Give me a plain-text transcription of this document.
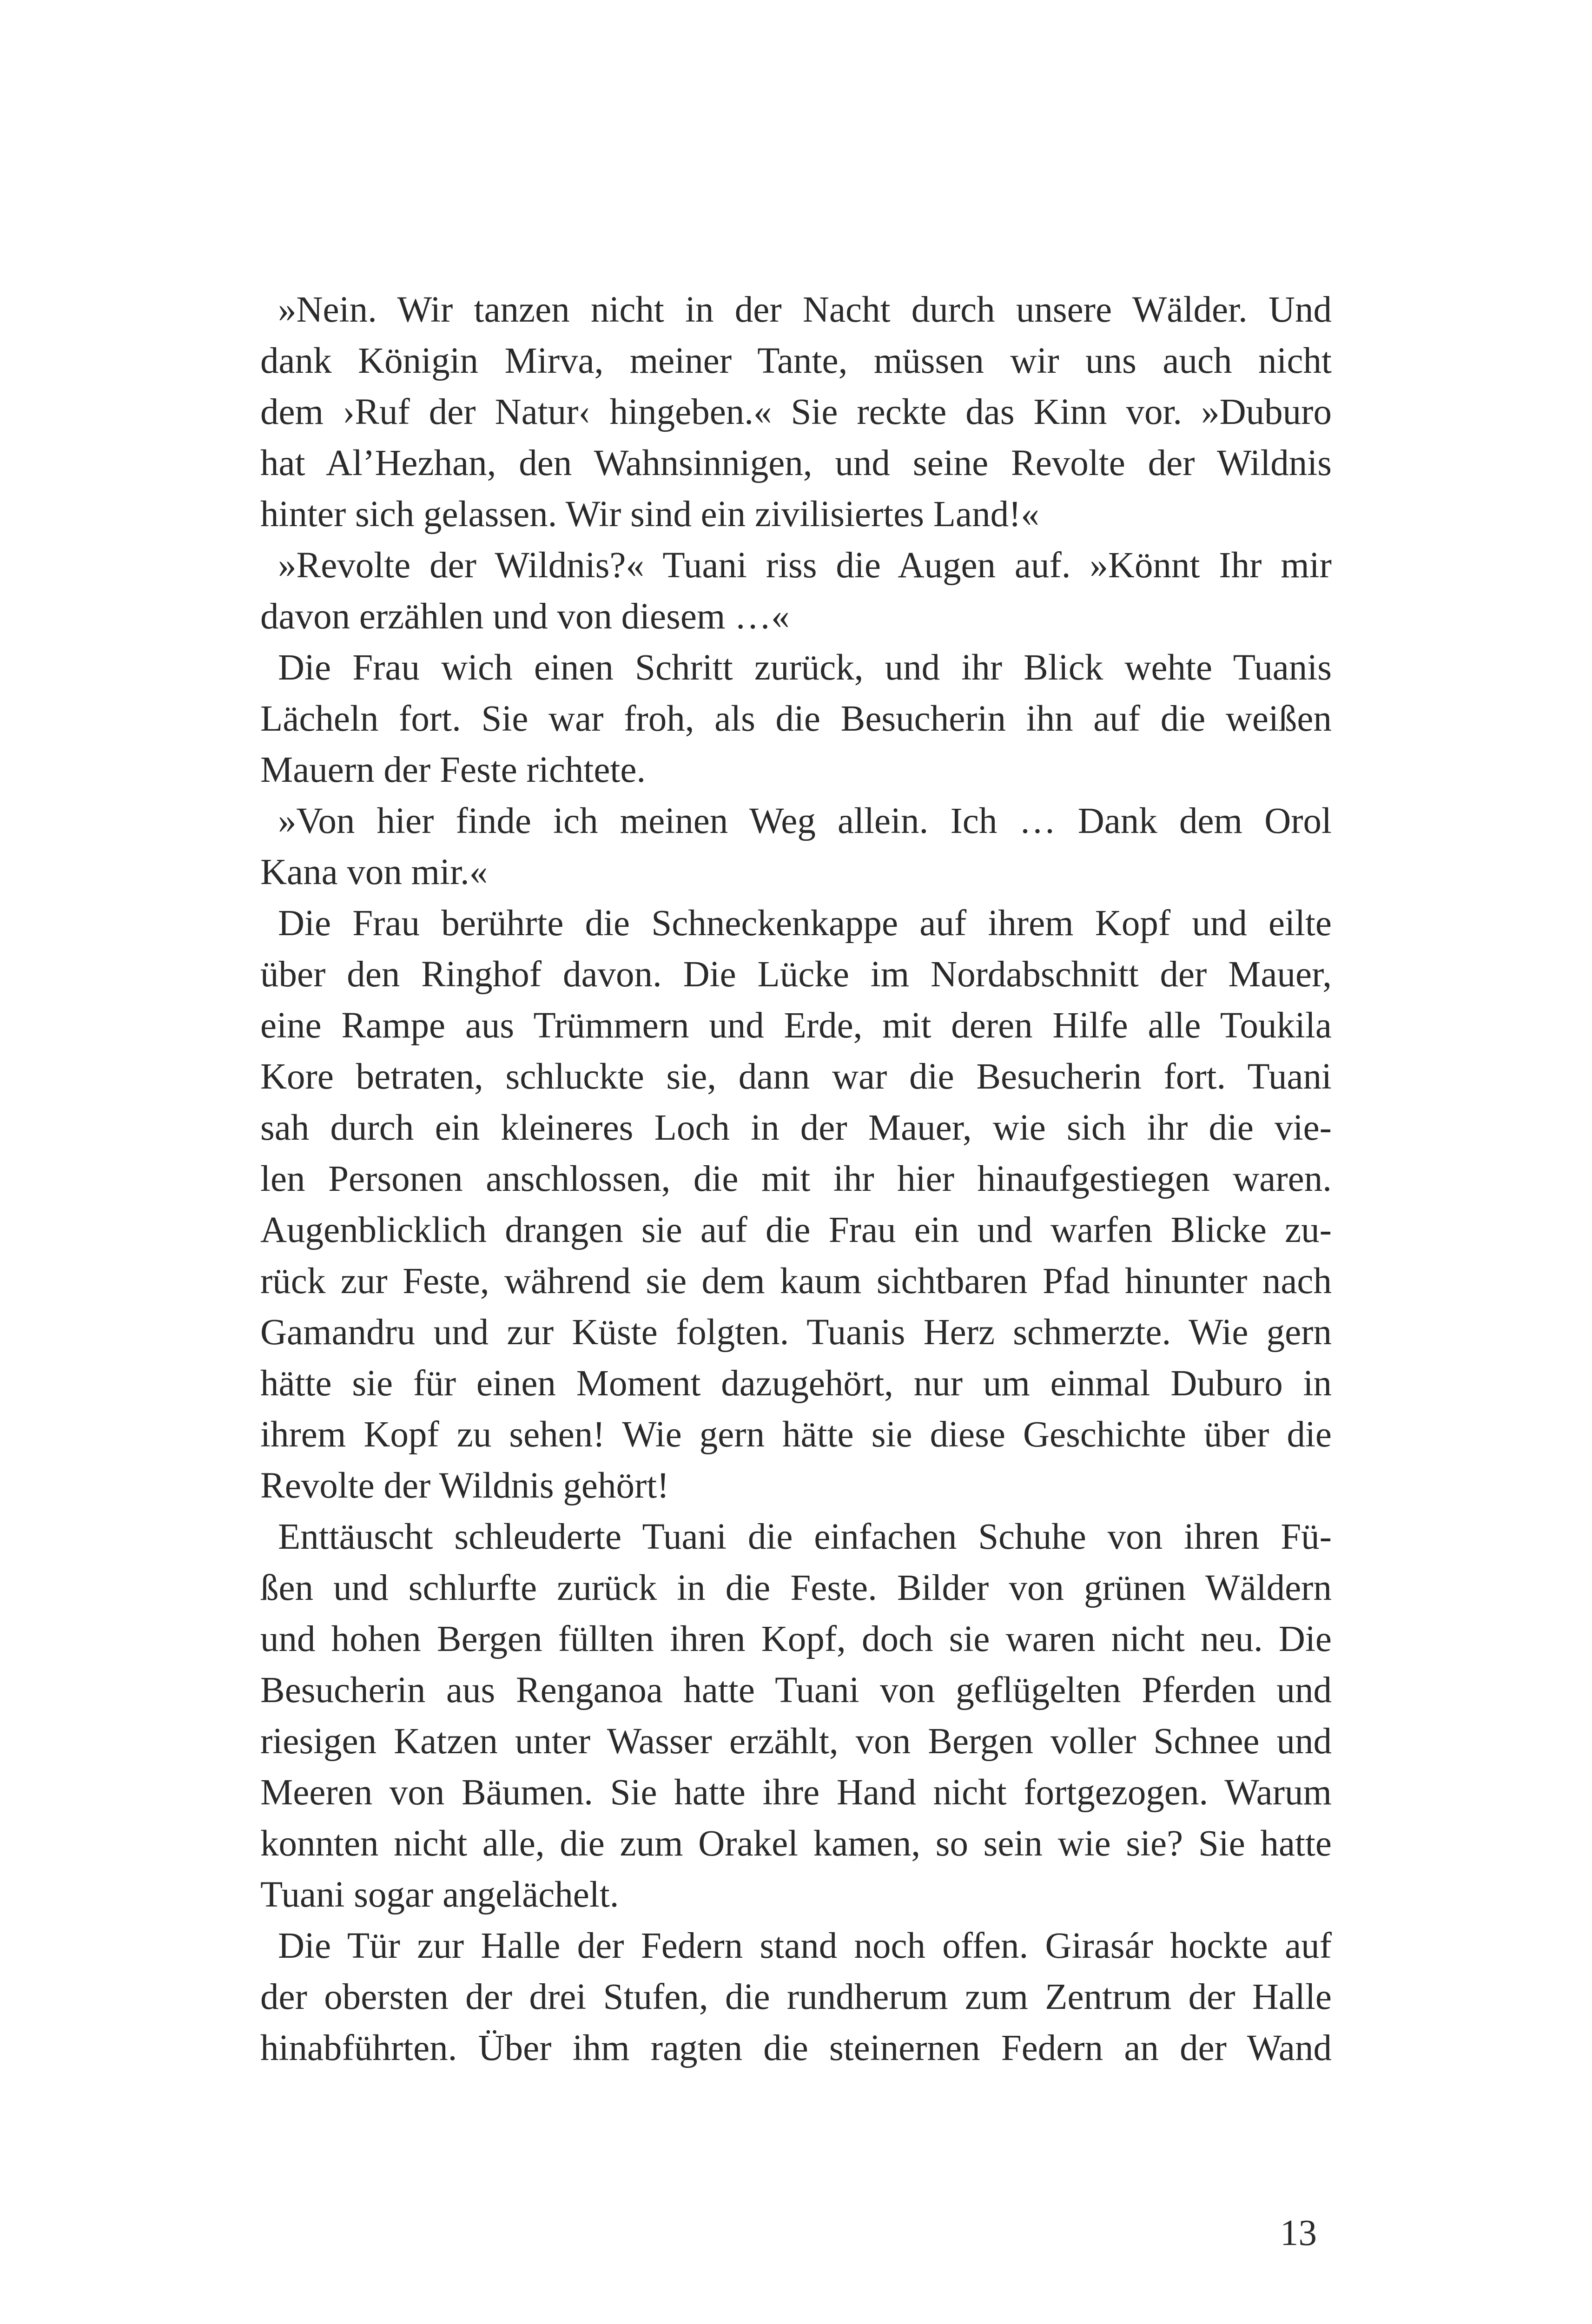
»Nein. Wir tanzen nicht in der Nacht durch unsere Wälder. Und
dank Königin Mirva, meiner Tante, müssen wir uns auch nicht
dem ›Ruf der Natur‹ hingeben.« Sie reckte das Kinn vor. »Duburo
hat Al’Hezhan, den Wahnsinnigen, und seine Revolte der Wildnis
hinter sich gelassen. Wir sind ein zivilisiertes Land!«
»Revolte der Wildnis?« Tuani riss die Augen auf. »Könnt Ihr mir
davon erzählen und von diesem …«
Die Frau wich einen Schritt zurück, und ihr Blick wehte Tuanis
Lächeln fort. Sie war froh, als die Besucherin ihn auf die weißen
Mauern der Feste richtete.
»Von hier finde ich meinen Weg allein. Ich … Dank dem Orol
Kana von mir.«
Die Frau berührte die Schneckenkappe auf ihrem Kopf und eilte
über den Ringhof davon. Die Lücke im Nordabschnitt der Mauer,
eine Rampe aus Trümmern und Erde, mit deren Hilfe alle Toukila
Kore betraten, schluckte sie, dann war die Besucherin fort. Tuani
sah durch ein kleineres Loch in der Mauer, wie sich ihr die vie-
len Personen anschlossen, die mit ihr hier hinaufgestiegen waren.
Augenblicklich drangen sie auf die Frau ein und warfen Blicke zu-
rück zur Feste, während sie dem kaum sichtbaren Pfad hinunter nach
Gamandru und zur Küste folgten. Tuanis Herz schmerzte. Wie gern
hätte sie für einen Moment dazugehört, nur um einmal Duburo in
ihrem Kopf zu sehen! Wie gern hätte sie diese Geschichte über die
Revolte der Wildnis gehört!
Enttäuscht schleuderte Tuani die einfachen Schuhe von ihren Fü-
ßen und schlurfte zurück in die Feste. Bilder von grünen Wäldern
und hohen Bergen füllten ihren Kopf, doch sie waren nicht neu. Die
Besucherin aus Renganoa hatte Tuani von geflügelten Pferden und
riesigen Katzen unter Wasser erzählt, von Bergen voller Schnee und
Meeren von Bäumen. Sie hatte ihre Hand nicht fortgezogen. Warum
konnten nicht alle, die zum Orakel kamen, so sein wie sie? Sie hatte
Tuani sogar angelächelt.
Die Tür zur Halle der Federn stand noch offen. Girasár hockte auf
der obersten der drei Stufen, die rundherum zum Zentrum der Halle
hinabführten. Über ihm ragten die steinernen Federn an der Wand
13
